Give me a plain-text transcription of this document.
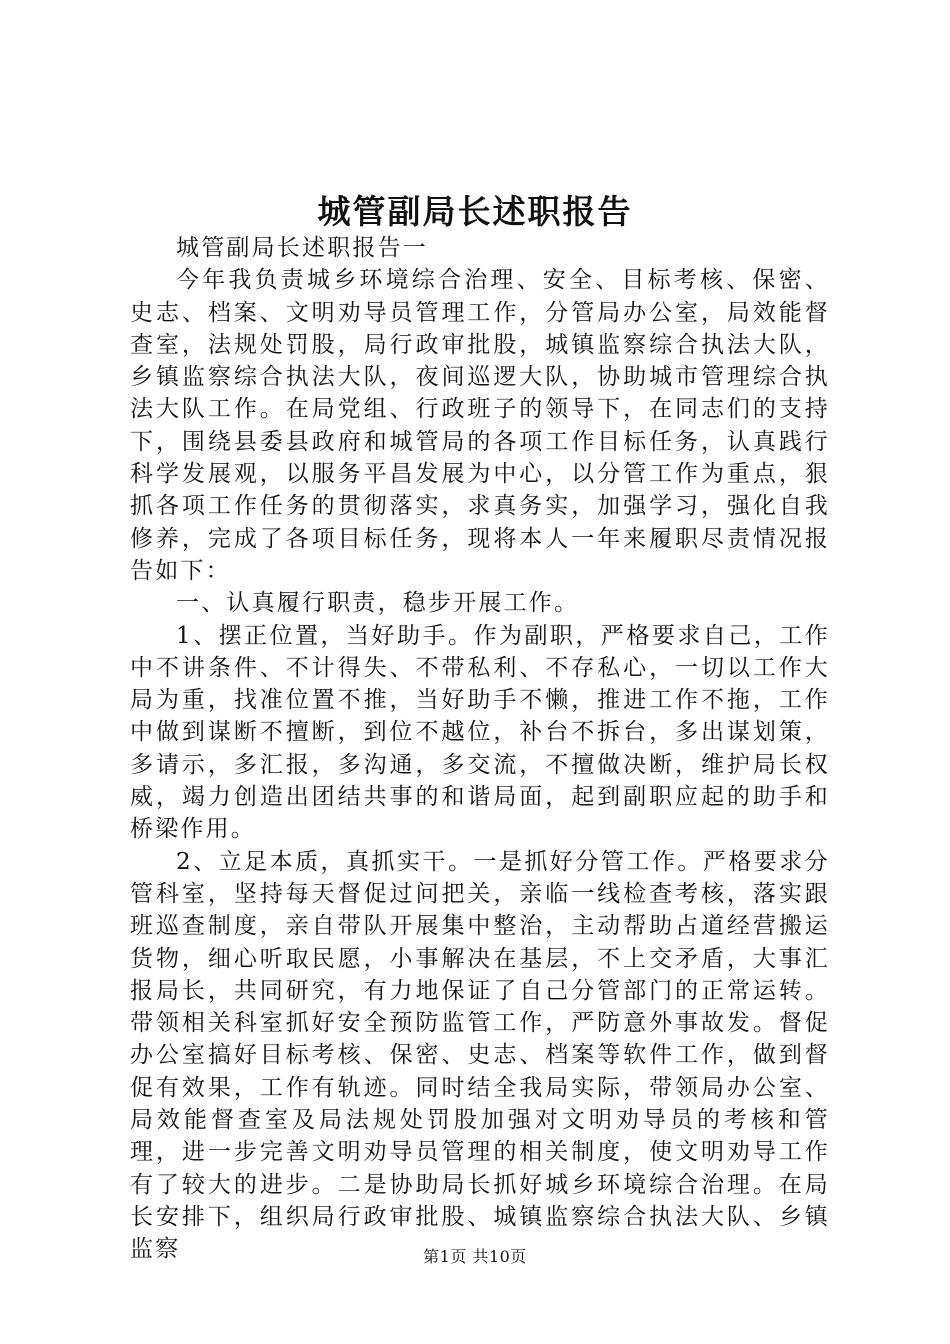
城管副局长述职报告

城管副局长述职报告一

今年我负责城乡环境综合治理、安全、目标考核、保密、史志、档案、文明劝导员管理工作，分管局办公室，局效能督查室，法规处罚股，局行政审批股，城镇监察综合执法大队，乡镇监察综合执法大队，夜间巡逻大队，协助城市管理综合执法大队工作。在局党组、行政班子的领导下，在同志们的支持下，围绕县委县政府和城管局的各项工作目标任务，认真践行科学发展观，以服务平昌发展为中心，以分管工作为重点，狠抓各项工作任务的贯彻落实，求真务实，加强学习，强化自我修养，完成了各项目标任务，现将本人一年来履职尽责情况报告如下：

一、认真履行职责，稳步开展工作。

1、摆正位置，当好助手。作为副职，严格要求自己，工作中不讲条件、不计得失、不带私利、不存私心，一切以工作大局为重，找准位置不推，当好助手不懒，推进工作不拖，工作中做到谋断不擅断，到位不越位，补台不拆台，多出谋划策，多请示，多汇报，多沟通，多交流，不擅做决断，维护局长权威，竭力创造出团结共事的和谐局面，起到副职应起的助手和桥梁作用。

2、立足本质，真抓实干。一是抓好分管工作。严格要求分管科室，坚持每天督促过问把关，亲临一线检查考核，落实跟班巡查制度，亲自带队开展集中整治，主动帮助占道经营搬运货物，细心听取民愿，小事解决在基层，不上交矛盾，大事汇报局长，共同研究，有力地保证了自己分管部门的正常运转。带领相关科室抓好安全预防监管工作，严防意外事故发。督促办公室搞好目标考核、保密、史志、档案等软件工作，做到督促有效果，工作有轨迹。同时结全我局实际，带领局办公室、局效能督查室及局法规处罚股加强对文明劝导员的考核和管理，进一步完善文明劝导员管理的相关制度，使文明劝导工作有了较大的进步。二是协助局长抓好城乡环境综合治理。在局长安排下，组织局行政审批股、城镇监察综合执法大队、乡镇监察	第1页 共10页
